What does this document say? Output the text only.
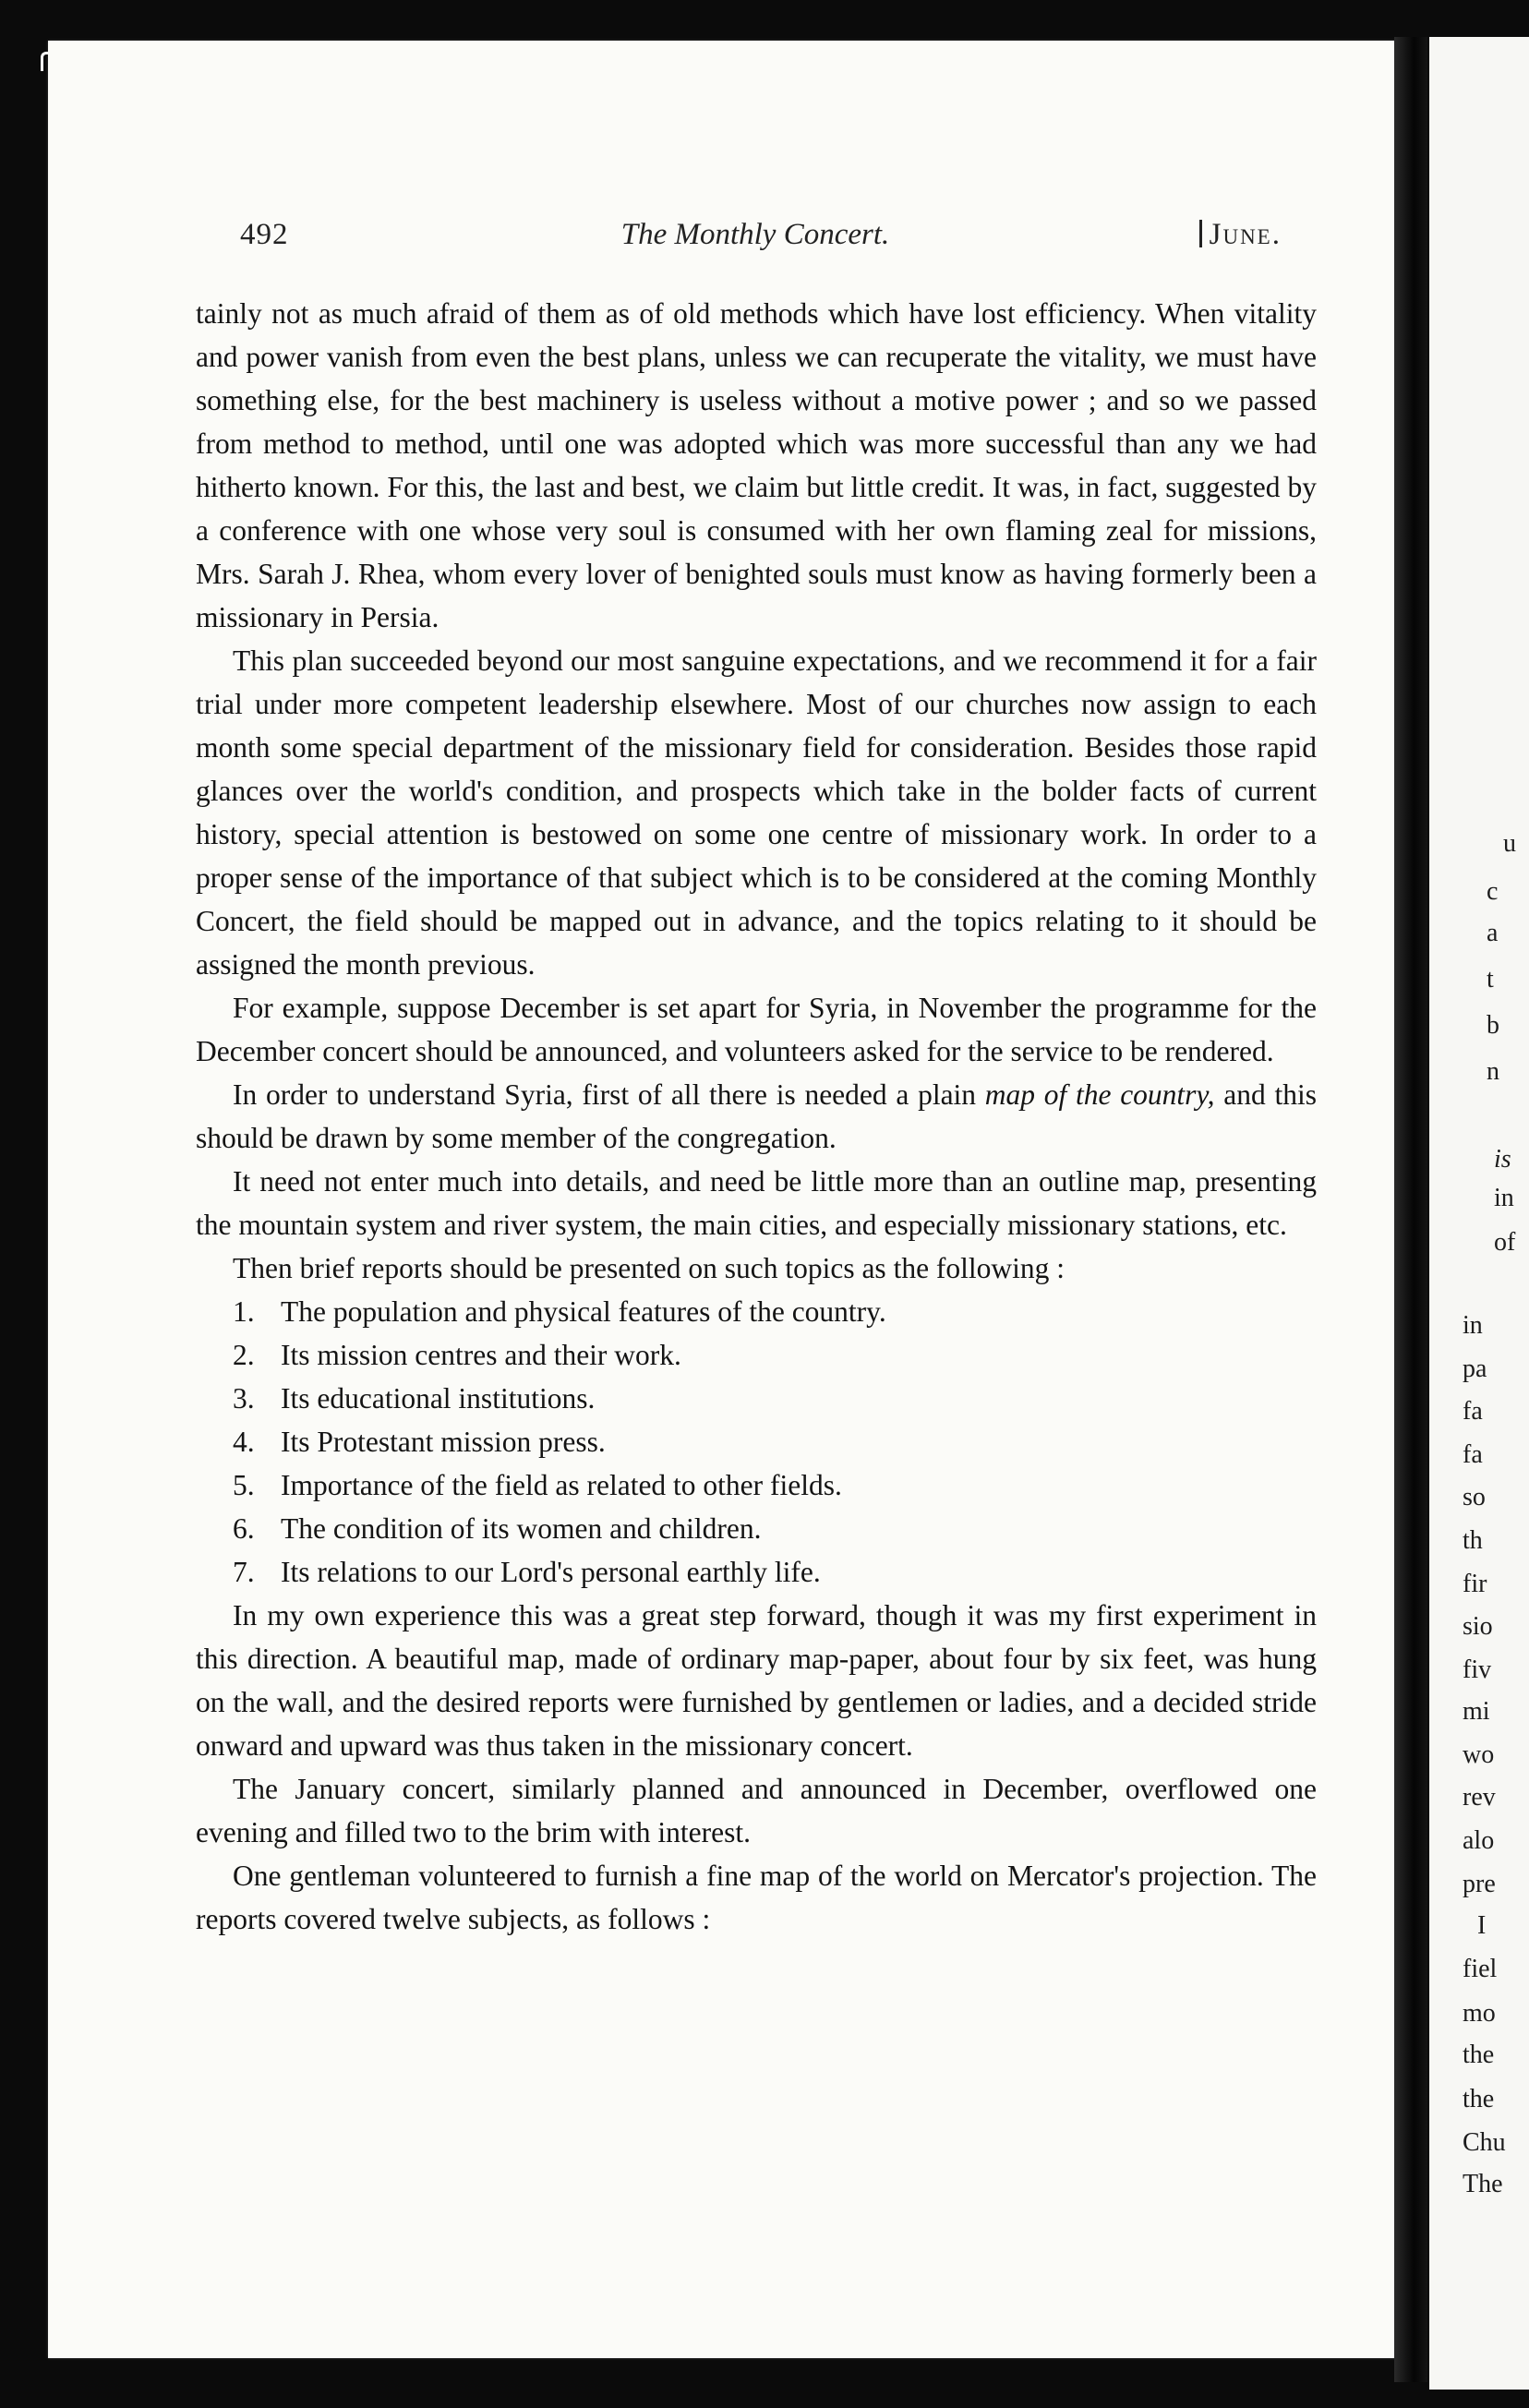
492	The Monthly Concert.	June.

tainly not as much afraid of them as of old methods which have lost efficiency. When vitality and power vanish from even the best plans, unless we can recuperate the vitality, we must have something else, for the best machinery is useless without a motive power ; and so we passed from method to method, until one was adopted which was more successful than any we had hitherto known. For this, the last and best, we claim but little credit. It was, in fact, suggested by a conference with one whose very soul is consumed with her own flaming zeal for missions, Mrs. Sarah J. Rhea, whom every lover of benighted souls must know as having formerly been a missionary in Persia.

This plan succeeded beyond our most sanguine expectations, and we recommend it for a fair trial under more competent leadership elsewhere. Most of our churches now assign to each month some special department of the missionary field for consideration. Besides those rapid glances over the world's condition, and prospects which take in the bolder facts of current history, special attention is bestowed on some one centre of missionary work. In order to a proper sense of the importance of that subject which is to be considered at the coming Monthly Concert, the field should be mapped out in advance, and the topics relating to it should be assigned the month previous.

For example, suppose December is set apart for Syria, in November the programme for the December concert should be announced, and volunteers asked for the service to be rendered.

In order to understand Syria, first of all there is needed a plain map of the country, and this should be drawn by some member of the congregation.

It need not enter much into details, and need be little more than an outline map, presenting the mountain system and river system, the main cities, and especially missionary stations, etc.

Then brief reports should be presented on such topics as the following :

1. The population and physical features of the country.
2. Its mission centres and their work.
3. Its educational institutions.
4. Its Protestant mission press.
5. Importance of the field as related to other fields.
6. The condition of its women and children.
7. Its relations to our Lord's personal earthly life.

In my own experience this was a great step forward, though it was my first experiment in this direction. A beautiful map, made of ordinary map-paper, about four by six feet, was hung on the wall, and the desired reports were furnished by gentlemen or ladies, and a decided stride onward and upward was thus taken in the missionary concert.

The January concert, similarly planned and announced in December, overflowed one evening and filled two to the brim with interest.

One gentleman volunteered to furnish a fine map of the world on Mercator's projection. The reports covered twelve subjects, as follows :

u
c
a
t
b
n
is
in
of
in
pa
fa
fa
so
th
fir
sio
fiv
mi
wo
rev
alo
pre
I
fiel
mo
the
the
Chu
The
